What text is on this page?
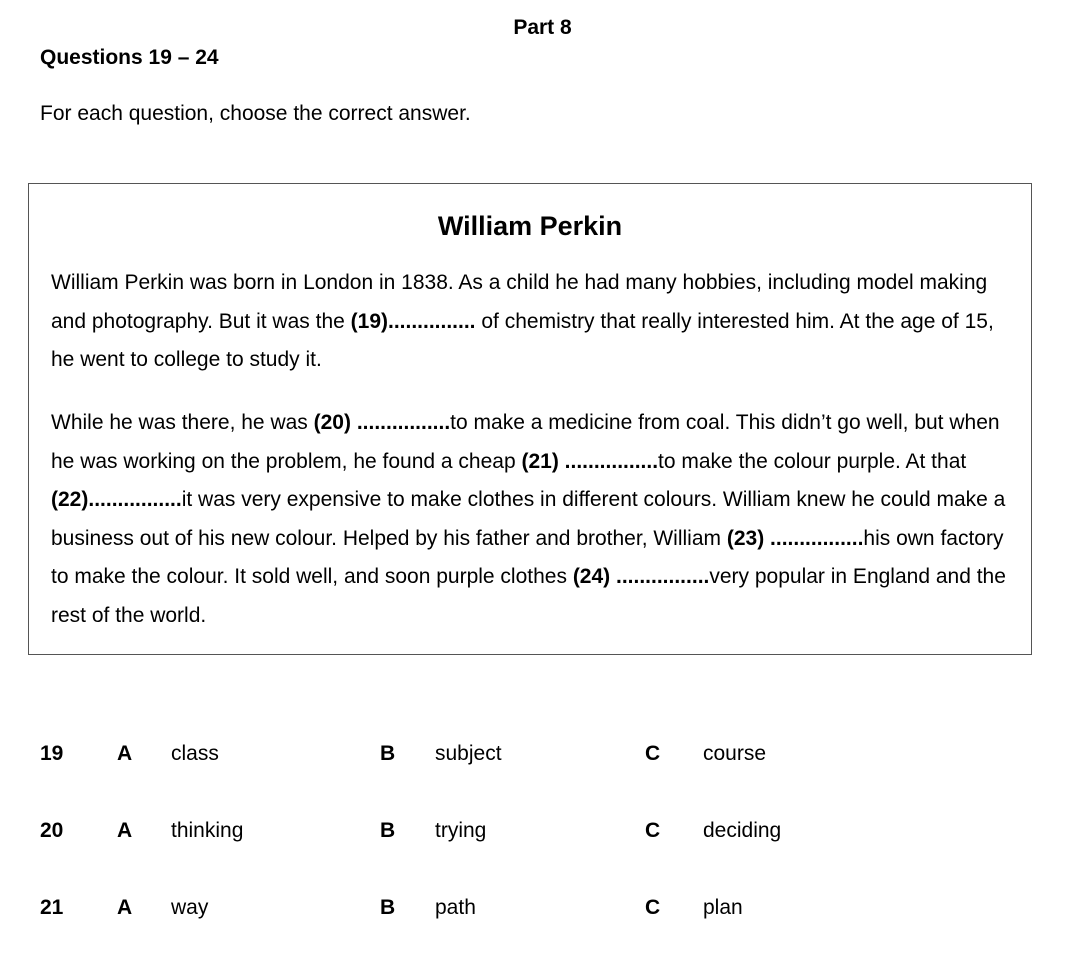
Part 8
Questions 19 – 24
For each question, choose the correct answer.
William Perkin

William Perkin was born in London in 1838. As a child he had many hobbies, including model making and photography. But it was the (19)............... of chemistry that really interested him. At the age of 15, he went to college to study it.

While he was there, he was (20) ................to make a medicine from coal. This didn’t go well, but when he was working on the problem, he found a cheap (21) ................to make the colour purple. At that (22)................it was very expensive to make clothes in different colours. William knew he could make a business out of his new colour. Helped by his father and brother, William (23) ................his own factory to make the colour. It sold well, and soon purple clothes (24) ................very popular in England and the rest of the world.

19	A class	B subject	C course
20	A thinking	B trying	C deciding
21	A way	B path	C plan
